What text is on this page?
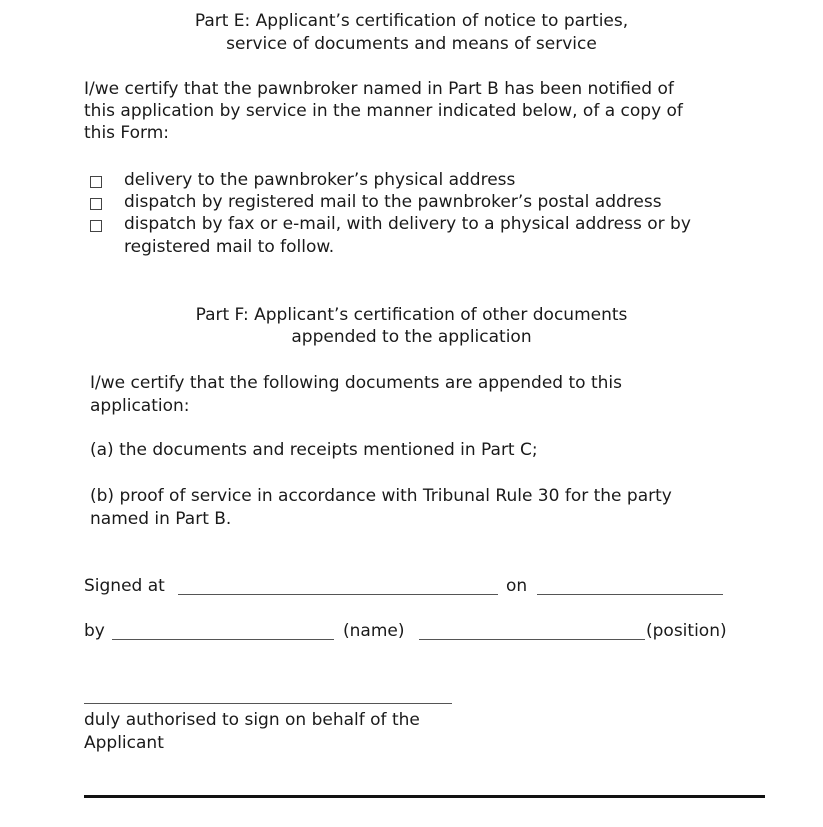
Part E: Applicant’s certification of notice to parties,
service of documents and means of service
I/we certify that the pawnbroker named in Part B has been notified of
this application by service in the manner indicated below, of a copy of
this Form:
delivery to the pawnbroker’s physical address
dispatch by registered mail to the pawnbroker’s postal address
dispatch by fax or e-mail, with delivery to a physical address or by
registered mail to follow.
Part F: Applicant’s certification of other documents
appended to the application
I/we certify that the following documents are appended to this
application:
(a) the documents and receipts mentioned in Part C;
(b) proof of service in accordance with Tribunal Rule 30 for the party
named in Part B.
Signed at	on
by	(name)	(position)
duly authorised to sign on behalf of the
Applicant
